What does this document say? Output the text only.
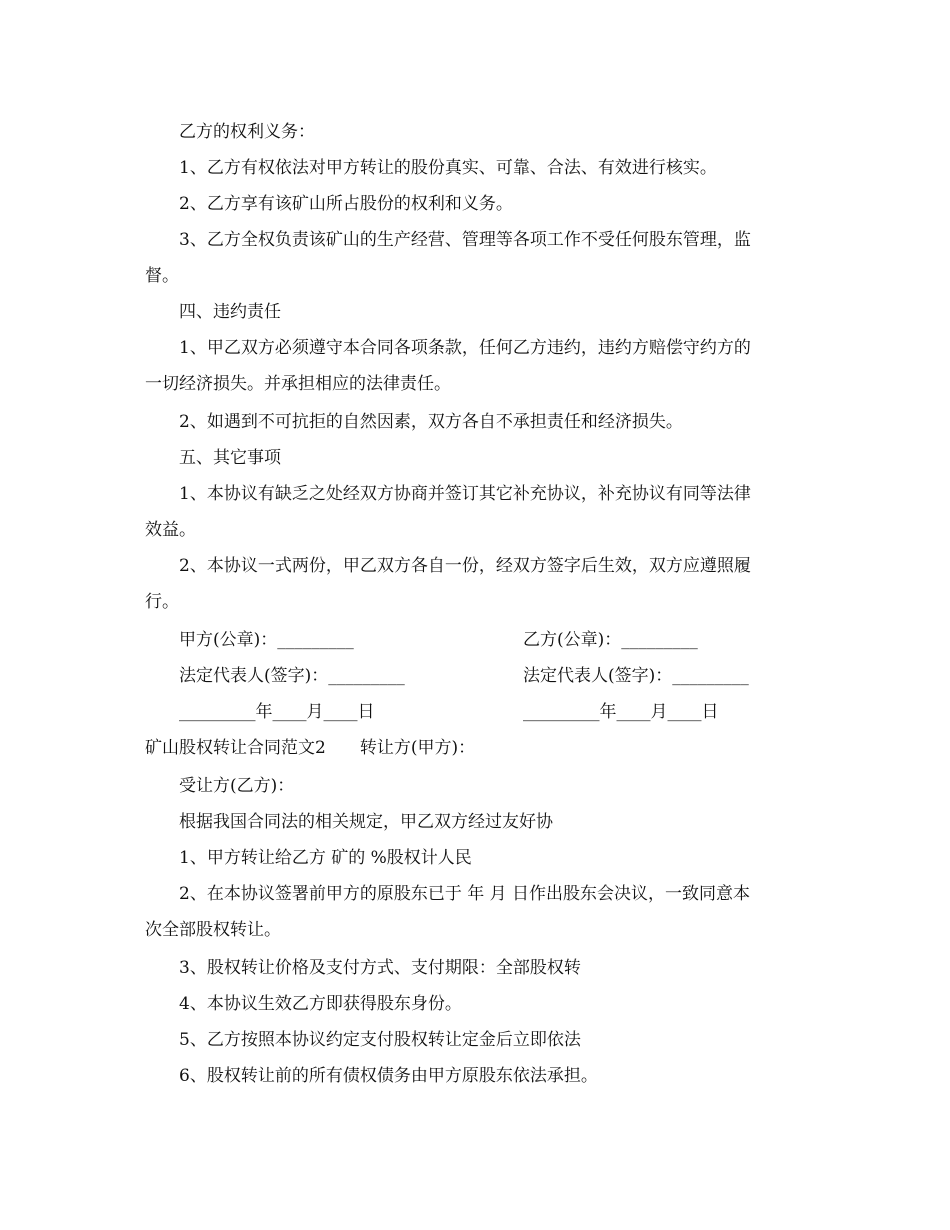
乙方的权利义务：

1、乙方有权依法对甲方转让的股份真实、可靠、合法、有效进行核实。

2、乙方享有该矿山所占股份的权利和义务。

3、乙方全权负责该矿山的生产经营、管理等各项工作不受任何股东管理，监

督。

四、违约责任

1、甲乙双方必须遵守本合同各项条款，任何乙方违约，违约方赔偿守约方的

一切经济损失。并承担相应的法律责任。

2、如遇到不可抗拒的自然因素，双方各自不承担责任和经济损失。

五、其它事项

1、本协议有缺乏之处经双方协商并签订其它补充协议，补充协议有同等法律

效益。

2、本协议一式两份，甲乙双方各自一份，经双方签字后生效，双方应遵照履

行。

甲方(公章)：_________	乙方(公章)：_________
法定代表人(签字)：_________	法定代表人(签字)：_________
_________年____月____日	_________年____月____日

矿山股权转让合同范文2　　转让方(甲方)：

受让方(乙方)：

根据我国合同法的相关规定，甲乙双方经过友好协

1、甲方转让给乙方 矿的 %股权计人民

2、在本协议签署前甲方的原股东已于 年 月 日作出股东会决议，一致同意本

次全部股权转让。

3、股权转让价格及支付方式、支付期限：全部股权转

4、本协议生效乙方即获得股东身份。

5、乙方按照本协议约定支付股权转让定金后立即依法

6、股权转让前的所有债权债务由甲方原股东依法承担。
